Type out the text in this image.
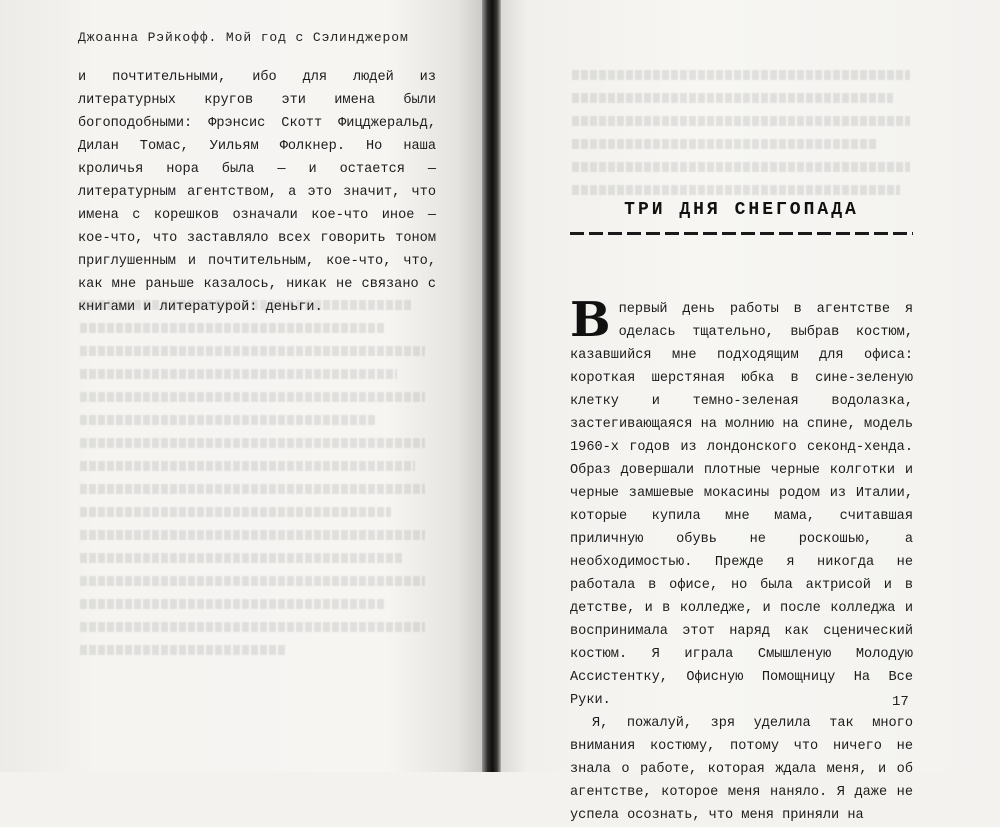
Джоанна Рэйкофф. Мой год с Сэлинджером

и почтительными, ибо для людей из литературных кругов эти имена были богоподобными: Фрэнсис Скотт Фицджеральд, Дилан Томас, Уильям Фолкнер. Но наша кроличья нора была — и остается — литературным агентством, а это значит, что имена с корешков означали кое-что иное — кое-что, что заставляло всех говорить тоном приглушенным и почтительным, кое-что, что, как мне раньше казалось, никак не связано с книгами и литературой: деньги.

ТРИ ДНЯ СНЕГОПАДА

Впервый день работы в агентстве я оделась тщательно, выбрав костюм, казавшийся мне подходящим для офиса: короткая шерстяная юбка в сине-зеленую клетку и темно-зеленая водолазка, застегивающаяся на молнию на спине, модель 1960-х годов из лондонского секонд-хенда. Образ довершали плотные черные колготки и черные замшевые мокасины родом из Италии, которые купила мне мама, считавшая приличную обувь не роскошью, а необходимостью. Прежде я никогда не работала в офисе, но была актрисой и в детстве, и в колледже, и после колледжа и воспринимала этот наряд как сценический костюм. Я играла Смышленую Молодую Ассистентку, Офисную Помощницу На Все Руки.

Я, пожалуй, зря уделила так много внимания костюму, потому что ничего не знала о работе, которая ждала меня, и об агентстве, которое меня наняло. Я даже не успела осознать, что меня приняли на

17
